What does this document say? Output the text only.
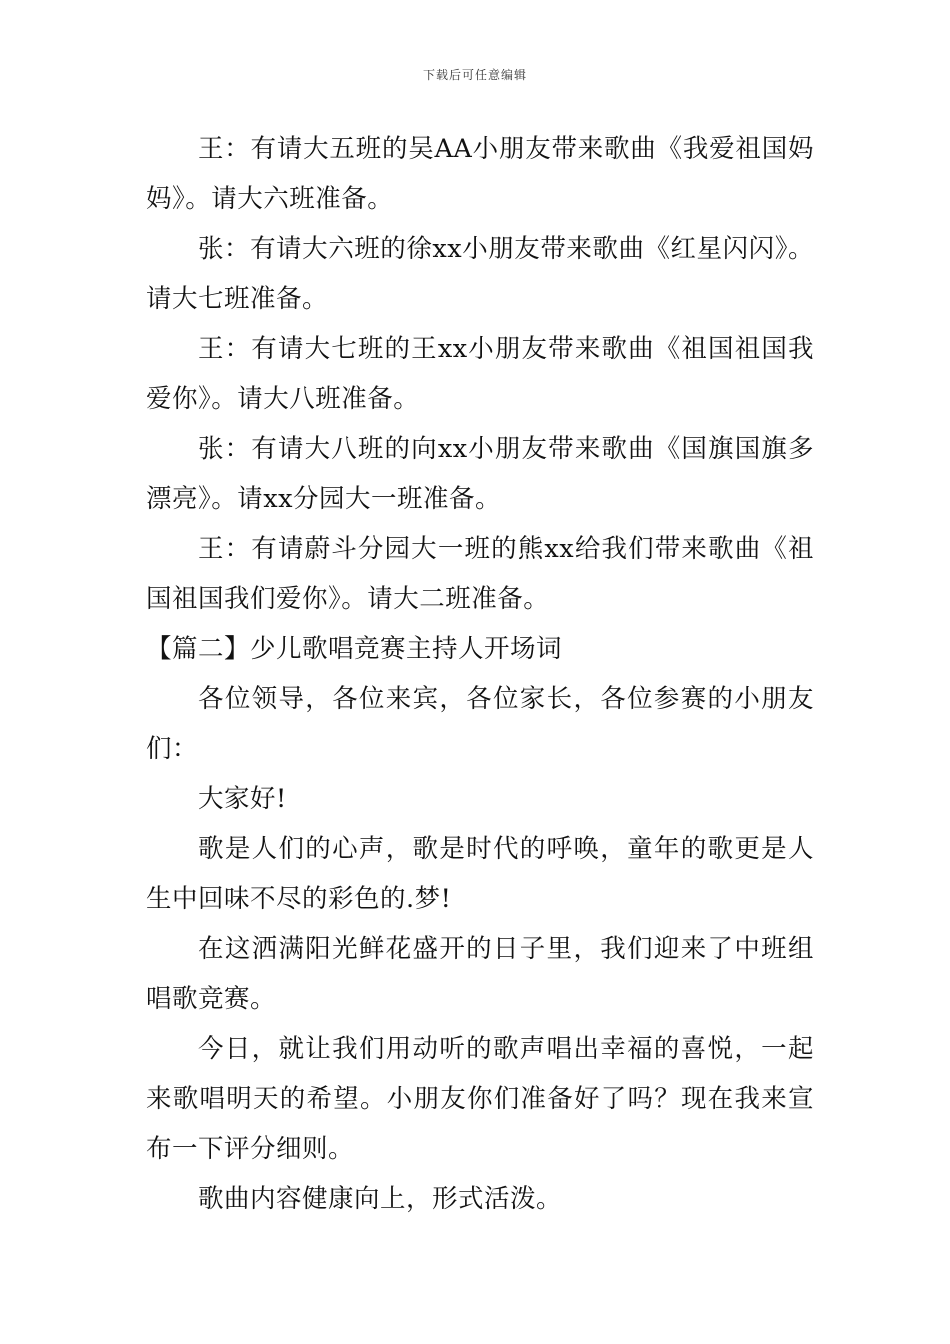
下载后可任意编辑

王：有请大五班的吴AA小朋友带来歌曲《我爱祖国妈妈》。请大六班准备。

张：有请大六班的徐xx小朋友带来歌曲《红星闪闪》。请大七班准备。

王：有请大七班的王xx小朋友带来歌曲《祖国祖国我爱你》。请大八班准备。

张：有请大八班的向xx小朋友带来歌曲《国旗国旗多漂亮》。请xx分园大一班准备。

王：有请蔚斗分园大一班的熊xx给我们带来歌曲《祖国祖国我们爱你》。请大二班准备。

【篇二】少儿歌唱竞赛主持人开场词

各位领导，各位来宾，各位家长，各位参赛的小朋友们：

大家好!

歌是人们的心声，歌是时代的呼唤，童年的歌更是人生中回味不尽的彩色的.梦!

在这洒满阳光鲜花盛开的日子里，我们迎来了中班组唱歌竞赛。

今日，就让我们用动听的歌声唱出幸福的喜悦，一起来歌唱明天的希望。小朋友你们准备好了吗？现在我来宣布一下评分细则。

歌曲内容健康向上，形式活泼。
